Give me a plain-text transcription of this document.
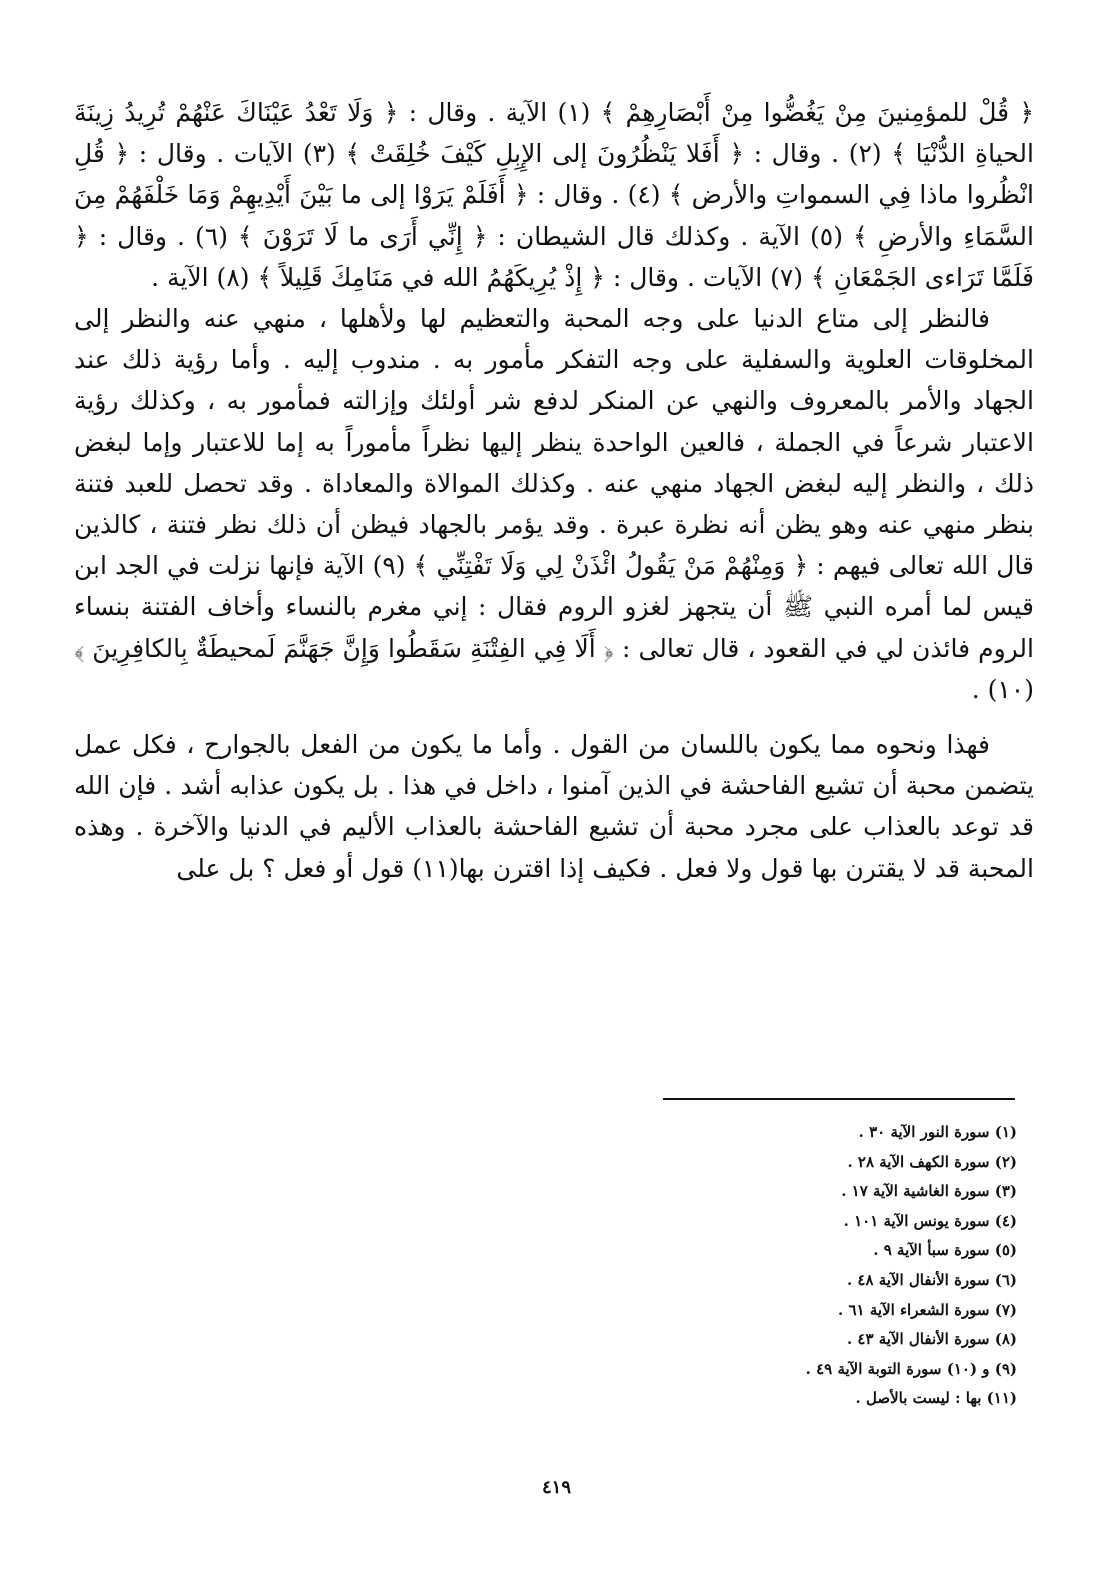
﴿ قُلْ للمؤمِنينَ مِنْ يَغُضُّوا مِنْ أَبْصَارِهِمْ ﴾ (١) الآية . وقال : ﴿ وَلَا تَعْدُ عَيْنَاكَ عَنْهُمْ تُرِيدُ زِينَةَ الحياةِ الدُّنْيَا ﴾ (٢) . وقال : ﴿ أَفَلا يَنْظُرُونَ إلى الإِبِلِ كَيْفَ خُلِقَتْ ﴾ (٣) الآيات . وقال : ﴿ قُلِ انْظُروا ماذا فِي السمواتِ والأرض ﴾ (٤) . وقال : ﴿ أَفَلَمْ يَرَوْا إلى ما بَيْنَ أَيْدِيهِمْ وَمَا خَلْفَهُمْ مِنَ السَّمَاءِ والأرضِ ﴾ (٥) الآية . وكذلك قال الشيطان : ﴿ إِنِّي أَرَى ما لَا تَرَوْنَ ﴾ (٦) . وقال : ﴿ فَلَمَّا تَرَاءى الجَمْعَانِ ﴾ (٧) الآيات . وقال : ﴿ إِذْ يُرِيكَهُمُ الله في مَنَامِكَ قَلِيلاً ﴾ (٨) الآية .

فالنظر إلى متاع الدنيا على وجه المحبة والتعظيم لها ولأهلها ، منهي عنه والنظر إلى المخلوقات العلوية والسفلية على وجه التفكر مأمور به . مندوب إليه . وأما رؤية ذلك عند الجهاد والأمر بالمعروف والنهي عن المنكر لدفع شر أولئك وإزالته فمأمور به ، وكذلك رؤية الاعتبار شرعاً في الجملة ، فالعين الواحدة ينظر إليها نظراً مأموراً به إما للاعتبار وإما لبغض ذلك ، والنظر إليه لبغض الجهاد منهي عنه . وكذلك الموالاة والمعاداة . وقد تحصل للعبد فتنة بنظر منهي عنه وهو يظن أنه نظرة عبرة . وقد يؤمر بالجهاد فيظن أن ذلك نظر فتنة ، كالذين قال الله تعالى فيهم : ﴿ وَمِنْهُمْ مَنْ يَقُولُ ائْذَنْ لِي وَلَا تَفْتِنِّي ﴾ (٩) الآية فإنها نزلت في الجد ابن قيس لما أمره النبي ﷺ أن يتجهز لغزو الروم فقال : إني مغرم بالنساء وأخاف الفتنة بنساء الروم فائذن لي في القعود ، قال تعالى : ﴿ أَلَا فِي الفِتْنَةِ سَقَطُوا وَإِنَّ جَهَنَّمَ لَمحيطَةٌ بِالكافِرِينَ ﴾ (١٠) .

فهذا ونحوه مما يكون باللسان من القول . وأما ما يكون من الفعل بالجوارح ، فكل عمل يتضمن محبة أن تشيع الفاحشة في الذين آمنوا ، داخل في هذا . بل يكون عذابه أشد . فإن الله قد توعد بالعذاب على مجرد محبة أن تشيع الفاحشة بالعذاب الأليم في الدنيا والآخرة . وهذه المحبة قد لا يقترن بها قول ولا فعل . فكيف إذا اقترن بها(١١) قول أو فعل ؟ بل على

(١) سورة النور الآية ٣٠ .
(٢) سورة الكهف الآية ٢٨ .
(٣) سورة الغاشية الآية ١٧ .
(٤) سورة يونس الآية ١٠١ .
(٥) سورة سبأ الآية ٩ .
(٦) سورة الأنفال الآية ٤٨ .
(٧) سورة الشعراء الآية ٦١ .
(٨) سورة الأنفال الآية ٤٣ .
(٩) و (١٠) سورة التوبة الآية ٤٩ .
(١١) بها : ليست بالأصل .
٤١٩
